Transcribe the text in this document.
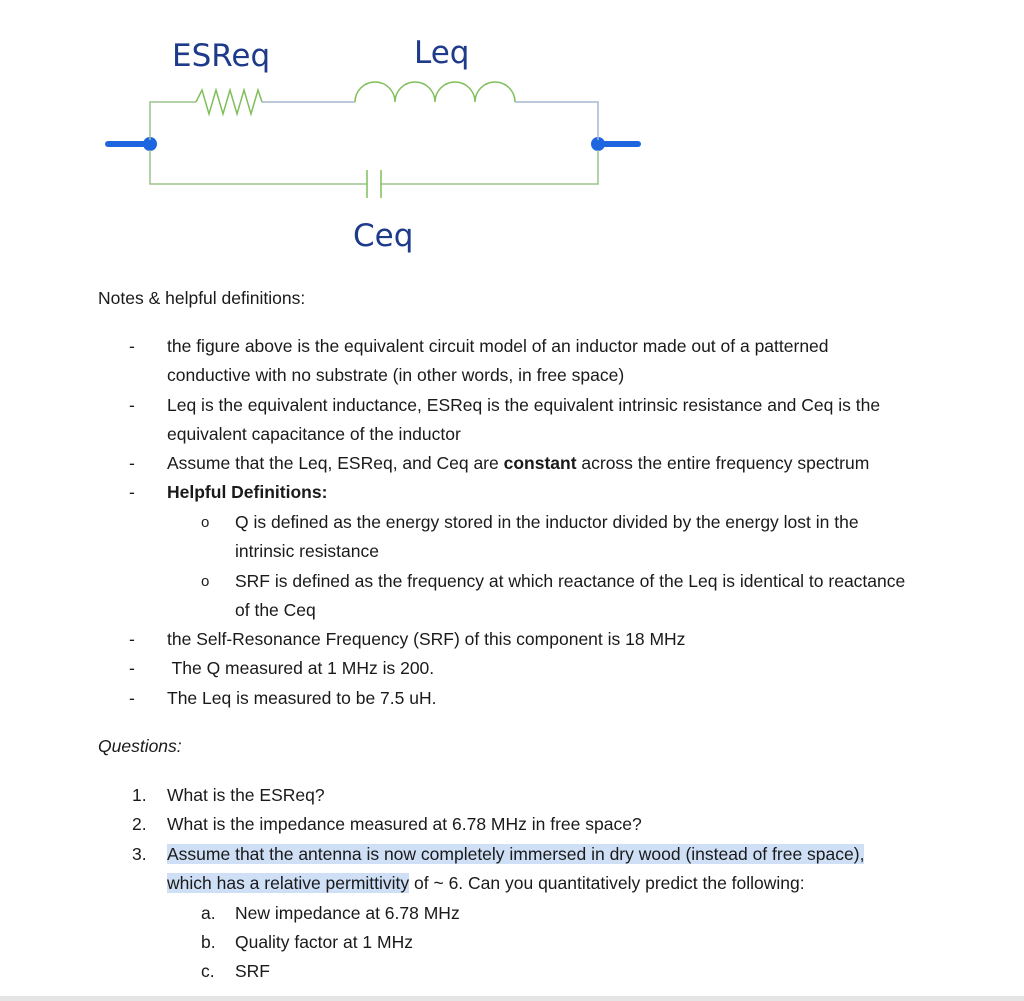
ESReq	Leq
Ceq
Notes & helpful definitions:
- the figure above is the equivalent circuit model of an inductor made out of a patterned
conductive with no substrate (in other words, in free space)
- Leq is the equivalent inductance, ESReq is the equivalent intrinsic resistance and Ceq is the
equivalent capacitance of the inductor
- Assume that the Leq, ESReq, and Ceq are constant across the entire frequency spectrum
- Helpful Definitions:
o Q is defined as the energy stored in the inductor divided by the energy lost in the
intrinsic resistance
o SRF is defined as the frequency at which reactance of the Leq is identical to reactance
of the Ceq
- the Self-Resonance Frequency (SRF) of this component is 18 MHz
- The Q measured at 1 MHz is 200.
- The Leq is measured to be 7.5 uH.
Questions:
1. What is the ESReq?
2. What is the impedance measured at 6.78 MHz in free space?
3. Assume that the antenna is now completely immersed in dry wood (instead of free space),
which has a relative permittivity of ~ 6. Can you quantitatively predict the following:
a. New impedance at 6.78 MHz
b. Quality factor at 1 MHz
c. SRF
